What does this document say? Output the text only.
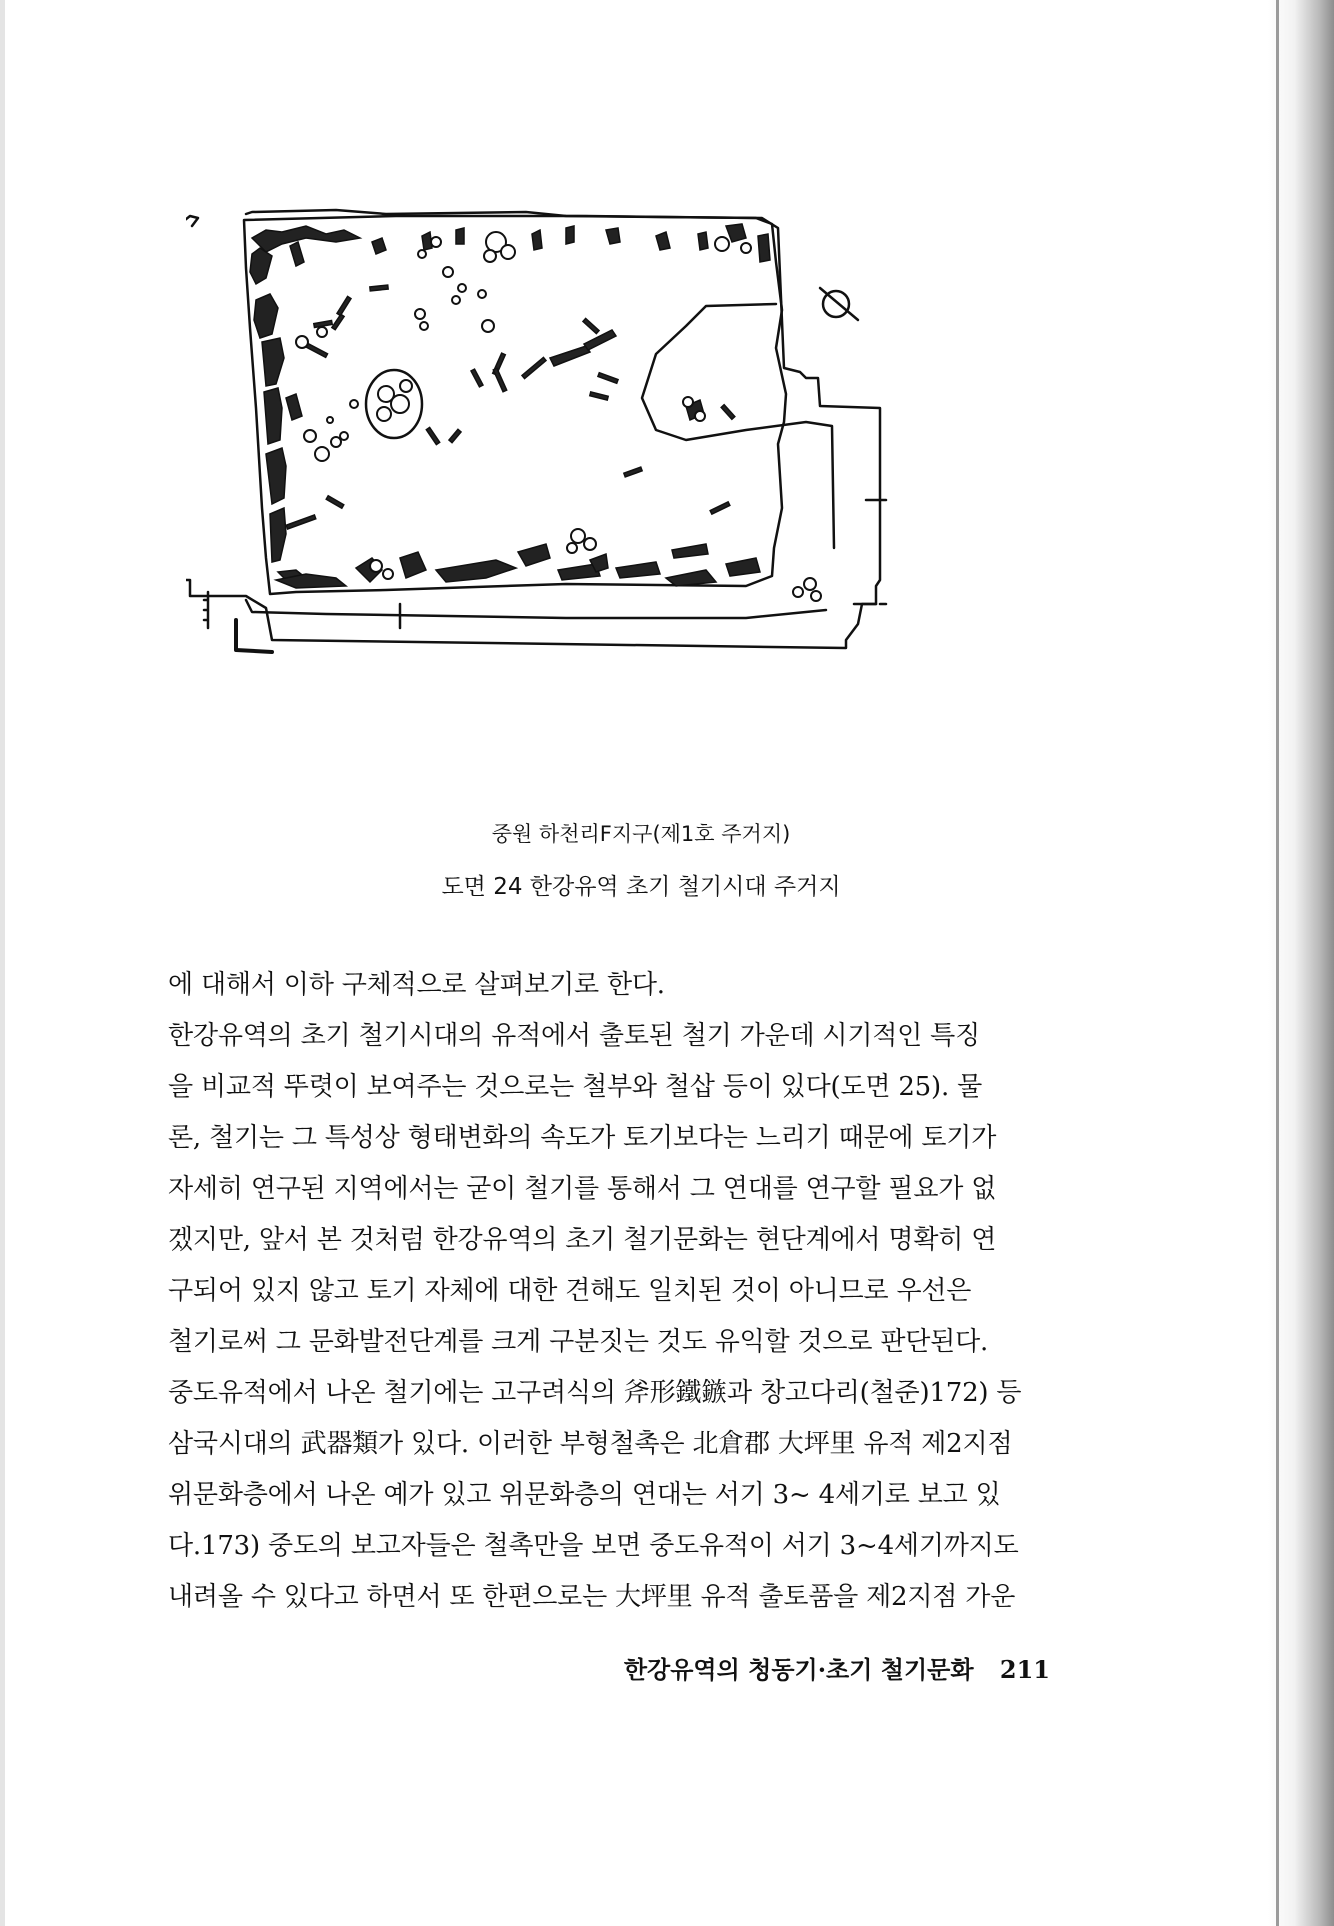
중원 하천리F지구(제1호 주거지)
도면 24 한강유역 초기 철기시대 주거지
에 대해서 이하 구체적으로 살펴보기로 한다.
한강유역의 초기 철기시대의 유적에서 출토된 철기 가운데 시기적인 특징
을 비교적 뚜렷이 보여주는 것으로는 철부와 철삽 등이 있다(도면 25). 물
론, 철기는 그 특성상 형태변화의 속도가 토기보다는 느리기 때문에 토기가
자세히 연구된 지역에서는 굳이 철기를 통해서 그 연대를 연구할 필요가 없
겠지만, 앞서 본 것처럼 한강유역의 초기 철기문화는 현단계에서 명확히 연
구되어 있지 않고 토기 자체에 대한 견해도 일치된 것이 아니므로 우선은
철기로써 그 문화발전단계를 크게 구분짓는 것도 유익할 것으로 판단된다.
중도유적에서 나온 철기에는 고구려식의 斧形鐵鏃과 창고다리(철준)172) 등
삼국시대의 武器類가 있다. 이러한 부형철촉은 北倉郡 大坪里 유적 제2지점
위문화층에서 나온 예가 있고 위문화층의 연대는 서기 3~ 4세기로 보고 있
다.173) 중도의 보고자들은 철촉만을 보면 중도유적이 서기 3~4세기까지도
내려올 수 있다고 하면서 또 한편으로는 大坪里 유적 출토품을 제2지점 가운
한강유역의 청동기·초기 철기문화 211
